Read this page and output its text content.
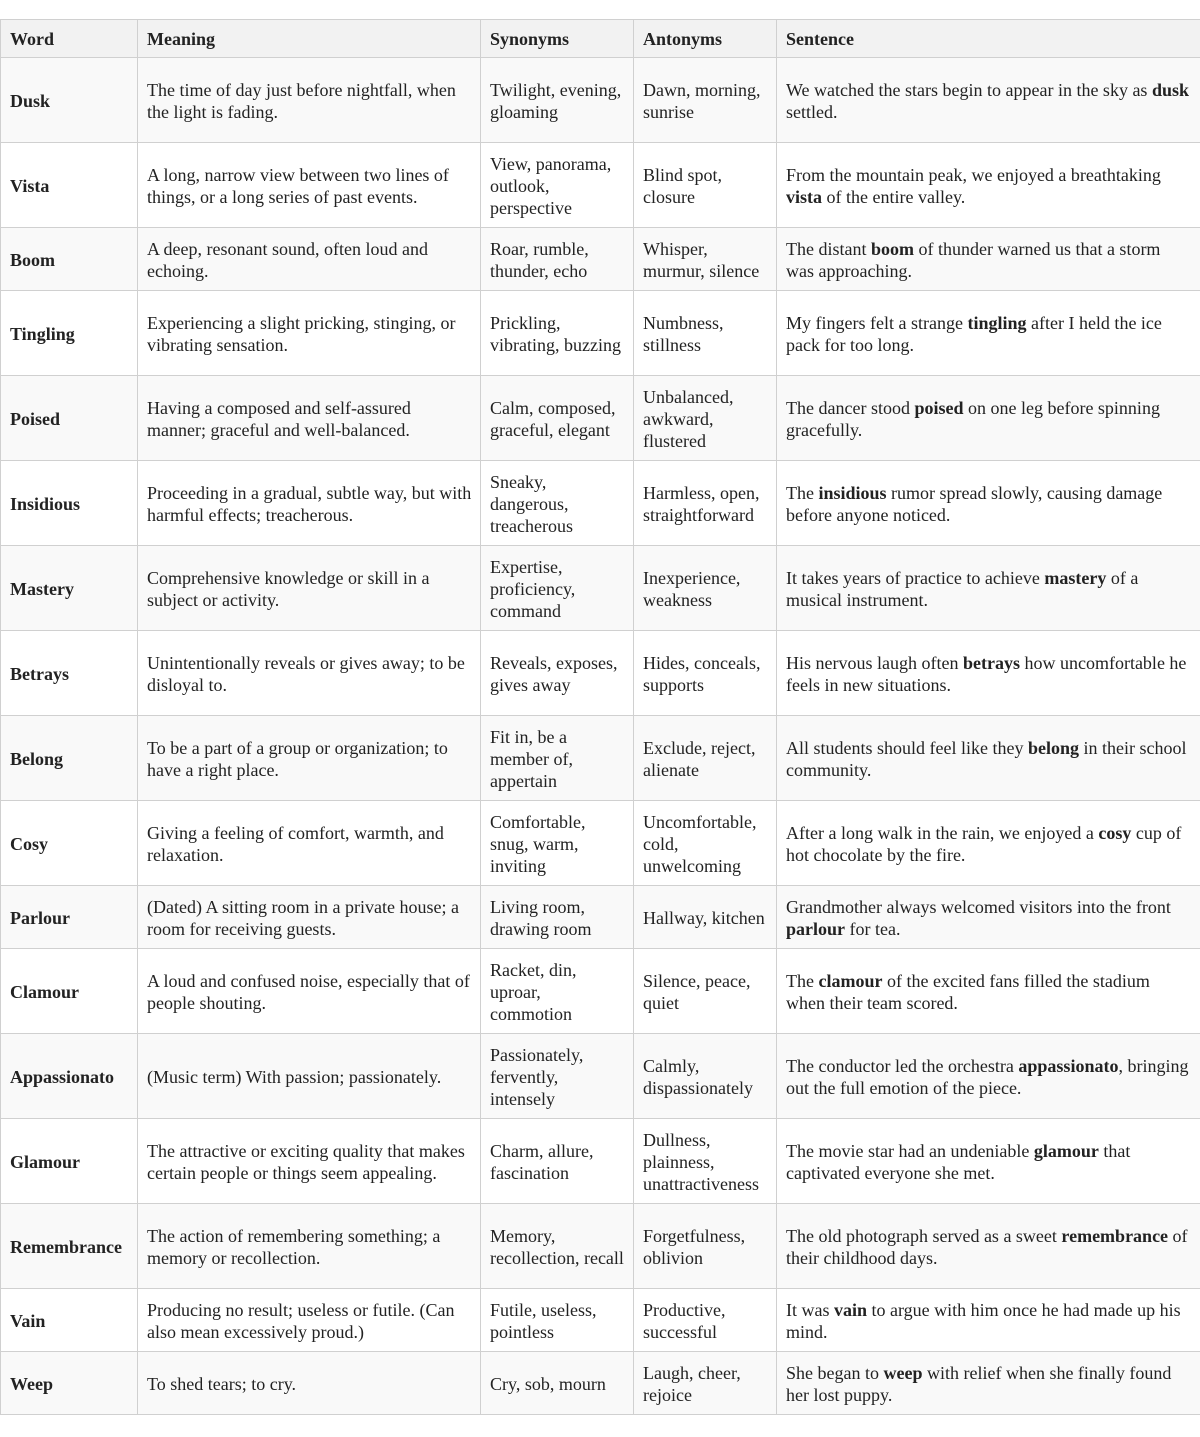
Word	Meaning	Synonyms	Antonyms	Sentence
Dusk	The time of day just before nightfall, when the light is fading.	Twilight, evening, gloaming	Dawn, morning, sunrise	We watched the stars begin to appear in the sky as dusk settled.
Vista	A long, narrow view between two lines of things, or a long series of past events.	View, panorama, outlook, perspective	Blind spot, closure	From the mountain peak, we enjoyed a breathtaking vista of the entire valley.
Boom	A deep, resonant sound, often loud and echoing.	Roar, rumble, thunder, echo	Whisper, murmur, silence	The distant boom of thunder warned us that a storm was approaching.
Tingling	Experiencing a slight pricking, stinging, or vibrating sensation.	Prickling, vibrating, buzzing	Numbness, stillness	My fingers felt a strange tingling after I held the ice pack for too long.
Poised	Having a composed and self-assured manner; graceful and well-balanced.	Calm, composed, graceful, elegant	Unbalanced, awkward, flustered	The dancer stood poised on one leg before spinning gracefully.
Insidious	Proceeding in a gradual, subtle way, but with harmful effects; treacherous.	Sneaky, dangerous, treacherous	Harmless, open, straightforward	The insidious rumor spread slowly, causing damage before anyone noticed.
Mastery	Comprehensive knowledge or skill in a subject or activity.	Expertise, proficiency, command	Inexperience, weakness	It takes years of practice to achieve mastery of a musical instrument.
Betrays	Unintentionally reveals or gives away; to be disloyal to.	Reveals, exposes, gives away	Hides, conceals, supports	His nervous laugh often betrays how uncomfortable he feels in new situations.
Belong	To be a part of a group or organization; to have a right place.	Fit in, be a member of, appertain	Exclude, reject, alienate	All students should feel like they belong in their school community.
Cosy	Giving a feeling of comfort, warmth, and relaxation.	Comfortable, snug, warm, inviting	Uncomfortable, cold, unwelcoming	After a long walk in the rain, we enjoyed a cosy cup of hot chocolate by the fire.
Parlour	(Dated) A sitting room in a private house; a room for receiving guests.	Living room, drawing room	Hallway, kitchen	Grandmother always welcomed visitors into the front parlour for tea.
Clamour	A loud and confused noise, especially that of people shouting.	Racket, din, uproar, commotion	Silence, peace, quiet	The clamour of the excited fans filled the stadium when their team scored.
Appassionato	(Music term) With passion; passionately.	Passionately, fervently, intensely	Calmly, dispassionately	The conductor led the orchestra appassionato, bringing out the full emotion of the piece.
Glamour	The attractive or exciting quality that makes certain people or things seem appealing.	Charm, allure, fascination	Dullness, plainness, unattractiveness	The movie star had an undeniable glamour that captivated everyone she met.
Remembrance	The action of remembering something; a memory or recollection.	Memory, recollection, recall	Forgetfulness, oblivion	The old photograph served as a sweet remembrance of their childhood days.
Vain	Producing no result; useless or futile. (Can also mean excessively proud.)	Futile, useless, pointless	Productive, successful	It was vain to argue with him once he had made up his mind.
Weep	To shed tears; to cry.	Cry, sob, mourn	Laugh, cheer, rejoice	She began to weep with relief when she finally found her lost puppy.
